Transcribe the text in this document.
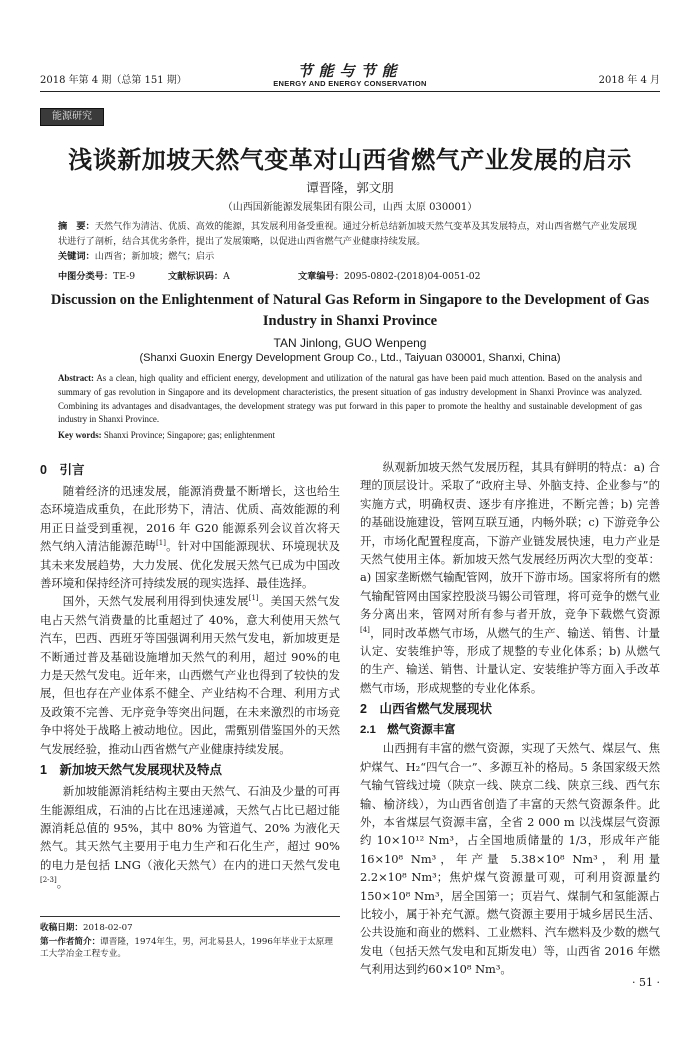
2018 年第 4 期（总第 151 期）
节能与节能
ENERGY AND ENERGY CONSERVATION	2018 年 4 月
能源研究
浅谈新加坡天然气变革对山西省燃气产业发展的启示
谭晋隆，郭文朋
（山西国新能源发展集团有限公司，山西 太原 030001）
摘　要：天然气作为清洁、优质、高效的能源，其发展利用备受重视。通过分析总结新加坡天然气变革及其发展特点，对山西省燃气产业发展现状进行了剖析，结合其优劣条件，提出了发展策略，以促进山西省燃气产业健康持续发展。
关键词：山西省；新加坡；燃气；启示
中图分类号：TE-9	文献标识码：A	文章编号：2095-0802-(2018)04-0051-02
Discussion on the Enlightenment of Natural Gas Reform in Singapore to the Development of Gas Industry in Shanxi Province
TAN Jinlong, GUO Wenpeng
(Shanxi Guoxin Energy Development Group Co., Ltd., Taiyuan 030001, Shanxi, China)
Abstract: As a clean, high quality and efficient energy, development and utilization of the natural gas have been paid much attention. Based on the analysis and summary of gas revolution in Singapore and its development characteristics, the present situation of gas industry development in Shanxi Province was analyzed. Combining its advantages and disadvantages, the development strategy was put forward in this paper to promote the healthy and sustainable development of gas industry in Shanxi Province.
Key words: Shanxi Province; Singapore; gas; enlightenment
0　引言

随着经济的迅速发展，能源消费量不断增长，这也给生态环境造成重负，在此形势下，清洁、优质、高效能源的利用正日益受到重视，2016 年 G20 能源系列会议首次将天然气纳入清洁能源范畴[1]。针对中国能源现状、环境现状及其未来发展趋势，大力发展、优化发展天然气已成为中国改善环境和保持经济可持续发展的现实选择、最佳选择。

国外，天然气发展利用得到快速发展[1]。美国天然气发电占天然气消费量的比重超过了 40%，意大利使用天然气汽车，巴西、西班牙等国强调利用天然气发电，新加坡更是不断通过普及基础设施增加天然气的利用，超过 90%的电力是天然气发电。近年来，山西燃气产业也得到了较快的发展，但也存在产业体系不健全、产业结构不合理、利用方式及政策不完善、无序竞争等突出问题，在未来激烈的市场竞争中将处于战略上被动地位。因此，需甄别借鉴国外的天然气发展经验，推动山西省燃气产业健康持续发展。

1　新加坡天然气发展现状及特点

新加坡能源消耗结构主要由天然气、石油及少量的可再生能源组成，石油的占比在迅速递减，天然气占比已超过能源消耗总值的 95%，其中 80% 为管道气、20% 为液化天然气。其天然气主要用于电力生产和石化生产，超过 90%的电力是包括 LNG（液化天然气）在内的进口天然气发电[2-3]。

收稿日期：2018-02-07
第一作者简介：谭晋隆，1974年生，男，河北易县人，1996年毕业于太原理工大学冶金工程专业。

纵观新加坡天然气发展历程，其具有鲜明的特点：a) 合理的顶层设计。采取了“政府主导、外脑支持、企业参与”的实施方式，明确权责、逐步有序推进，不断完善；b) 完善的基础设施建设，管网互联互通，内畅外联；c) 下游竞争公开，市场化配置程度高，下游产业链发展快速，电力产业是天然气使用主体。新加坡天然气发展经历两次大型的变革：a) 国家垄断燃气输配管网，放开下游市场。国家将所有的燃气输配管网由国家控股淡马锡公司管理，将可竞争的燃气业务分离出来，管网对所有参与者开放，竞争下载燃气资源[4]，同时改革燃气市场，从燃气的生产、输送、销售、计量认定、安装维护等，形成了规整的专业化体系；b) 从燃气的生产、输送、销售、计量认定、安装维护等方面入手改革燃气市场，形成规整的专业化体系。

2　山西省燃气发展现状
2.1　燃气资源丰富

山西拥有丰富的燃气资源，实现了天然气、煤层气、焦炉煤气、H₂“四气合一”、多源互补的格局。5 条国家级天然气输气管线过境（陕京一线、陕京二线、陕京三线、西气东输、榆济线），为山西省创造了丰富的天然气资源条件。此外，本省煤层气资源丰富，全省 2 000 m 以浅煤层气资源约 10×10¹² Nm³，占全国地质储量的 1/3，形成年产能 16×10⁸ Nm³，年产量 5.38×10⁸ Nm³，利用量 2.2×10⁸ Nm³；焦炉煤气资源量可观，可利用资源量约 150×10⁸ Nm³，居全国第一；页岩气、煤制气和氢能源占比较小，属于补充气源。燃气资源主要用于城乡居民生活、公共设施和商业的燃料、工业燃料、汽车燃料及少数的燃气发电（包括天然气发电和瓦斯发电）等，山西省 2016 年燃气利用达到约60×10⁸ Nm³。

· 51 ·
